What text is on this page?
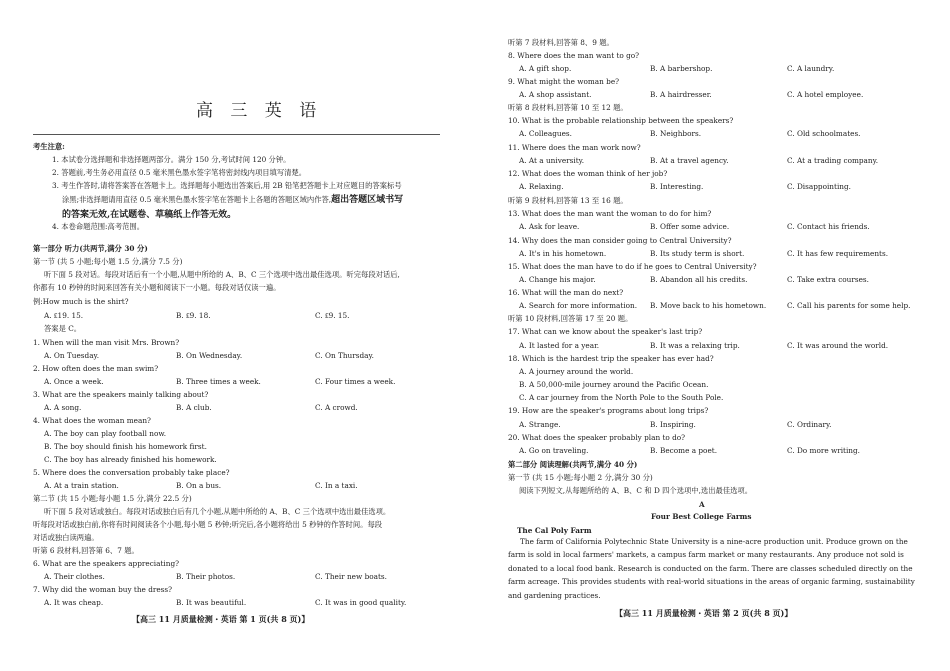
高 三 英 语
考生注意:
1. 本试卷分选择题和非选择题两部分。满分 150 分,考试时间 120 分钟。
2. 答题前,考生务必用直径 0.5 毫米黑色墨水签字笔将密封线内项目填写清楚。
3. 考生作答时,请将答案答在答题卡上。选择题每小题选出答案后,用 2B 铅笔把答题卡上对应题目的答案标号
涂黑;非选择题请用直径 0.5 毫米黑色墨水签字笔在答题卡上各题的答题区域内作答,超出答题区域书写
的答案无效,在试题卷、草稿纸上作答无效。
4. 本卷命题范围:高考范围。
第一部分 听力(共两节,满分 30 分)
第一节 (共 5 小题;每小题 1.5 分,满分 7.5 分)
听下面 5 段对话。每段对话后有一个小题,从题中所给的 A、B、C 三个选项中选出最佳选项。听完每段对话后,
你都有 10 秒钟的时间来回答有关小题和阅读下一小题。每段对话仅读一遍。
例:How much is the shirt?
A. ₤19. 15.	B. ₤9. 18.	C. ₤9. 15.
答案是 C。
1. When will the man visit Mrs. Brown?
A. On Tuesday.	B. On Wednesday.	C. On Thursday.
2. How often does the man swim?
A. Once a week.	B. Three times a week.	C. Four times a week.
3. What are the speakers mainly talking about?
A. A song.	B. A club.	C. A crowd.
4. What does the woman mean?
A. The boy can play football now.
B. The boy should finish his homework first.
C. The boy has already finished his homework.
5. Where does the conversation probably take place?
A. At a train station.	B. On a bus.	C. In a taxi.
第二节 (共 15 小题;每小题 1.5 分,满分 22.5 分)
听下面 5 段对话或独白。每段对话或独白后有几个小题,从题中所给的 A、B、C 三个选项中选出最佳选项。
听每段对话或独白前,你将有时间阅读各个小题,每小题 5 秒钟;听完后,各小题将给出 5 秒钟的作答时间。每段
对话或独白读两遍。
听第 6 段材料,回答第 6、7 题。
6. What are the speakers appreciating?
A. Their clothes.	B. Their photos.	C. Their new boats.
7. Why did the woman buy the dress?
A. It was cheap.	B. It was beautiful.	C. It was in good quality.
【高三 11 月质量检测・英语 第 1 页(共 8 页)】
听第 7 段材料,回答第 8、9 题。
8. Where does the man want to go?
A. A gift shop.	B. A barbershop.	C. A laundry.
9. What might the woman be?
A. A shop assistant.	B. A hairdresser.	C. A hotel employee.
听第 8 段材料,回答第 10 至 12 题。
10. What is the probable relationship between the speakers?
A. Colleagues.	B. Neighbors.	C. Old schoolmates.
11. Where does the man work now?
A. At a university.	B. At a travel agency.	C. At a trading company.
12. What does the woman think of her job?
A. Relaxing.	B. Interesting.	C. Disappointing.
听第 9 段材料,回答第 13 至 16 题。
13. What does the man want the woman to do for him?
A. Ask for leave.	B. Offer some advice.	C. Contact his friends.
14. Why does the man consider going to Central University?
A. It's in his hometown.	B. Its study term is short.	C. It has few requirements.
15. What does the man have to do if he goes to Central University?
A. Change his major.	B. Abandon all his credits.	C. Take extra courses.
16. What will the man do next?
A. Search for more information. B. Move back to his hometown.	C. Call his parents for some help.
听第 10 段材料,回答第 17 至 20 题。
17. What can we know about the speaker's last trip?
A. It lasted for a year.	B. It was a relaxing trip.	C. It was around the world.
18. Which is the hardest trip the speaker has ever had?
A. A journey around the world.
B. A 50,000-mile journey around the Pacific Ocean.
C. A car journey from the North Pole to the South Pole.
19. How are the speaker's programs about long trips?
A. Strange.	B. Inspiring.	C. Ordinary.
20. What does the speaker probably plan to do?
A. Go on traveling.	B. Become a poet.	C. Do more writing.
第二部分 阅读理解(共两节,满分 40 分)
第一节 (共 15 小题;每小题 2 分,满分 30 分)
阅读下列短文,从每题所给的 A、B、C 和 D 四个选项中,选出最佳选项。
A
Four Best College Farms
The Cal Poly Farm
The farm of California Polytechnic State University is a nine-acre production unit. Produce grown on the farm is sold in local farmers' markets, a campus farm market or many restaurants. Any produce not sold is donated to a local food bank. Research is conducted on the farm. There are classes scheduled directly on the farm acreage. This provides students with real-world situations in the areas of organic farming, sustainability and gardening practices.
【高三 11 月质量检测・英语 第 2 页(共 8 页)】
